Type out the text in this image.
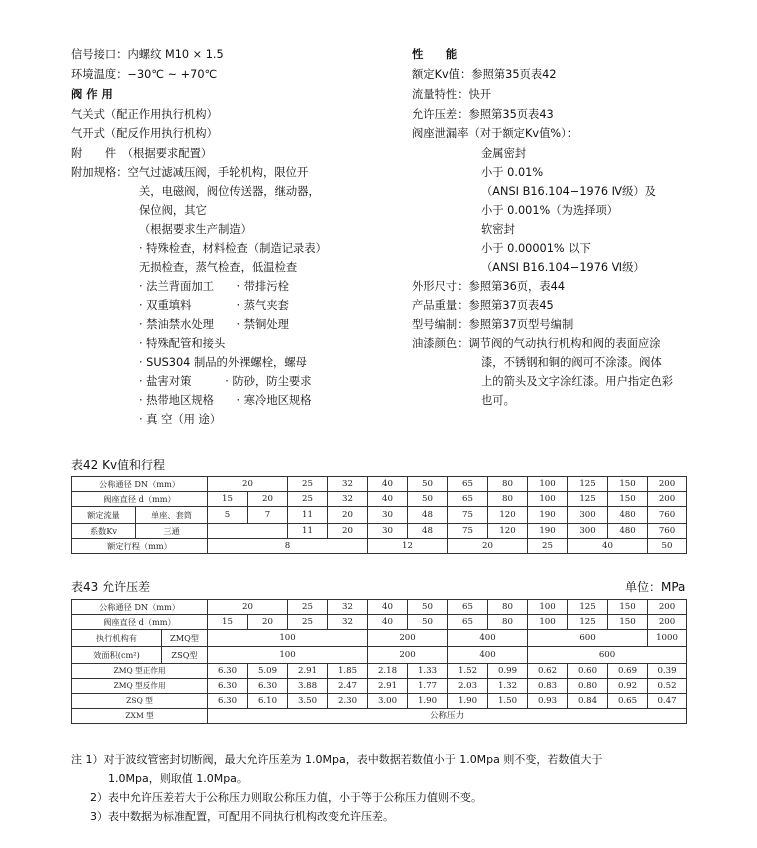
信号接口：内螺纹 M10 × 1.5
环境温度：−30℃ ~ +70℃
阀 作 用
气关式（配正作用执行机构）
气开式（配反作用执行机构）
附　　件　（根据要求配置）
附加规格：空气过滤减压阀，手轮机构，限位开
关，电磁阀，阀位传送器，继动器，
保位阀，其它
（根据要求生产制造）
· 特殊检查，材料检查（制造记录表）
无损检查，蒸气检查，低温检查
· 法兰背面加工　　· 带排污栓
· 双重填料　　　　· 蒸气夹套
· 禁油禁水处理　　· 禁铜处理
· 特殊配管和接头
· SUS304 制品的外裸螺栓，螺母
· 盐害对策　　　· 防砂，防尘要求
· 热带地区规格　　· 寒冷地区规格
· 真 空（用 途）
性　　能
额定Kv值：参照第35页表42
流量特性：快开
允许压差：参照第35页表43
阀座泄漏率（对于额定Kv值%）：
金属密封
小于 0.01%
（ANSI B16.104−1976 Ⅳ级）及
小于 0.001%（为选择项）
软密封
小于 0.00001% 以下
（ANSI B16.104−1976 Ⅵ级）
外形尺寸：参照第36页，表44
产品重量：参照第37页表45
型号编制：参照第37页型号编制
油漆颜色：调节阀的气动执行机构和阀的表面应涂
漆，不锈钢和铜的阀可不涂漆。阀体
上的箭头及文字涂红漆。用户指定色彩
也可。
表42 Kv值和行程
公称通径 DN（mm）		20		25	32	40	50	65	80	100	125	150	200
阀座直径 d（mm）		15	20	25	32	40	50	65	80	100	125	150	200
额定流量	单座、套筒	5	7	11	20	30	48	75	120	190	300	480	760
系数Kv	三通			11	20	30	48	75	120	190	300	480	760
额定行程（mm）		8				12		20		25	40		50
表43 允许压差	单位：MPa
公称通径 DN（mm）		20		25	32	40	50	65	80	100	125	150	200
阀座直径 d（mm）		15	20	25	32	40	50	65	80	100	125	150	200
执行机构有	ZMQ型	100				200		400		600			1000
效面积(cm²)	ZSQ型	100				200		400		600			
ZMQ 型正作用		6.30	5.09	2.91	1.85	2.18	1.33	1.52	0.99	0.62	0.60	0.69	0.39
ZMQ 型反作用		6.30	6.30	3.88	2.47	2.91	1.77	2.03	1.32	0.83	0.80	0.92	0.52
ZSQ 型		6.30	6.10	3.50	2.30	3.00	1.90	1.90	1.50	0.93	0.84	0.65	0.47
ZXM 型		公称压力											
注 1）对于波纹管密封切断阀，最大允许压差为 1.0Mpa，表中数据若数值小于 1.0Mpa 则不变，若数值大于
1.0Mpa，则取值 1.0Mpa。
2）表中允许压差若大于公称压力则取公称压力值，小于等于公称压力值则不变。
3）表中数据为标准配置，可配用不同执行机构改变允许压差。
